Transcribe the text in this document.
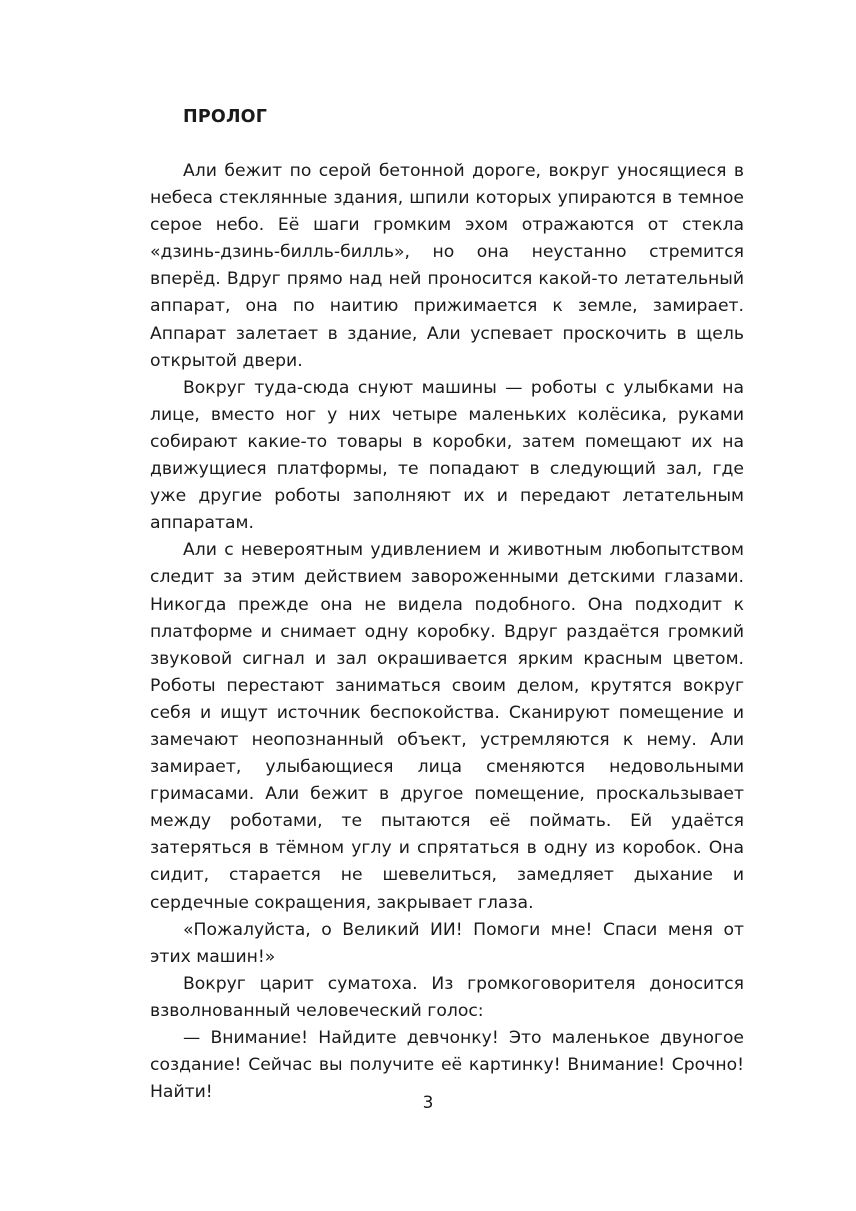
ПРОЛОГ

Али бежит по серой бетонной дороге, вокруг уносящиеся в небеса стеклянные здания, шпили которых упираются в темное серое небо. Её шаги громким эхом отражаются от стекла «дзинь-дзинь-билль-билль», но она неустанно стремится вперёд. Вдруг прямо над ней проносится какой-то летательный аппарат, она по наитию прижимается к земле, замирает. Аппарат залетает в здание, Али успевает проскочить в щель открытой двери.

Вокруг туда-сюда снуют машины — роботы с улыбками на лице, вместо ног у них четыре маленьких колёсика, руками собирают какие-то товары в коробки, затем помещают их на движущиеся платформы, те попадают в следующий зал, где уже другие роботы заполняют их и передают летательным аппаратам.

Али с невероятным удивлением и животным любопытством следит за этим действием завороженными детскими глазами. Никогда прежде она не видела подобного. Она подходит к платформе и снимает одну коробку. Вдруг раздаётся громкий звуковой сигнал и зал окрашивается ярким красным цветом. Роботы перестают заниматься своим делом, крутятся вокруг себя и ищут источник беспокойства. Сканируют помещение и замечают неопознанный объект, устремляются к нему. Али замирает, улыбающиеся лица сменяются недовольными гримасами. Али бежит в другое помещение, проскальзывает между роботами, те пытаются её поймать. Ей удаётся затеряться в тёмном углу и спрятаться в одну из коробок. Она сидит, старается не шевелиться, замедляет дыхание и сердечные сокращения, закрывает глаза.

«Пожалуйста, о Великий ИИ! Помоги мне! Спаси меня от этих машин!»

Вокруг царит суматоха. Из громкоговорителя доносится взволнованный человеческий голос:

— Внимание! Найдите девчонку! Это маленькое двуногое создание! Сейчас вы получите её картинку! Внимание! Срочно! Найти!

3
